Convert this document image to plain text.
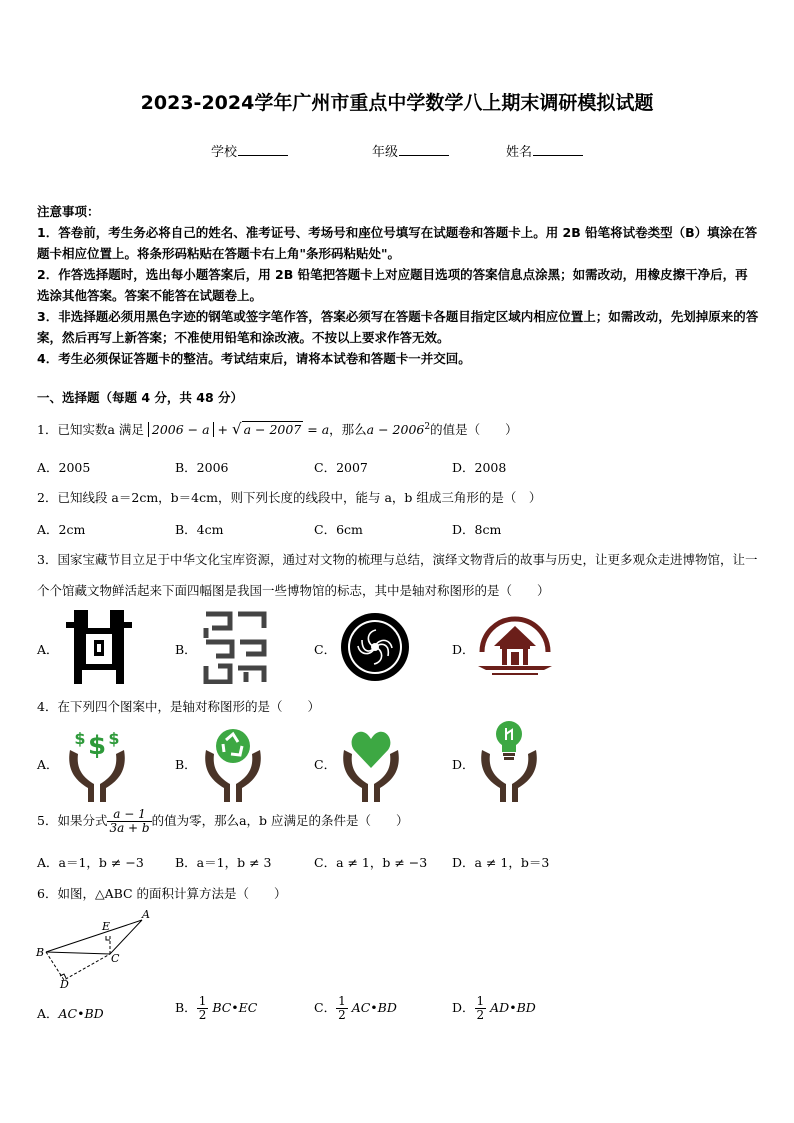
2023-2024学年广州市重点中学数学八上期末调研模拟试题
学校	年级	姓名
注意事项：
1．答卷前，考生务必将自己的姓名、准考证号、考场号和座位号填写在试题卷和答题卡上。用 2B 铅笔将试卷类型（B）填涂在答题卡相应位置上。将条形码粘贴在答题卡右上角"条形码粘贴处"。
2．作答选择题时，选出每小题答案后，用 2B 铅笔把答题卡上对应题目选项的答案信息点涂黑；如需改动，用橡皮擦干净后，再选涂其他答案。答案不能答在试题卷上。
3．非选择题必须用黑色字迹的钢笔或签字笔作答，答案必须写在答题卡各题目指定区域内相应位置上；如需改动，先划掉原来的答案，然后再写上新答案；不准使用铅笔和涂改液。不按以上要求作答无效。
4．考生必须保证答题卡的整洁。考试结束后，请将本试卷和答题卡一并交回。
一、选择题（每题 4 分，共 48 分）
1．已知实数a 满足 2006 − a + √ a − 2007 = a，那么$a - 2006^2$的值是（　　）
A．2005	B．2006	C．2007	D．2008
2．已知线段 a＝2cm，b＝4cm，则下列长度的线段中，能与 a，b 组成三角形的是（　）
A．2cm	B．4cm	C．6cm	D．8cm
3．国家宝藏节目立足于中华文化宝库资源，通过对文物的梳理与总结，演绎文物背后的故事与历史，让更多观众走进博物馆，让一个个馆藏文物鲜活起来下面四幅图是我国一些博物馆的标志，其中是轴对称图形的是（　　）
A．	B．	C．	D．
4．在下列四个图案中，是轴对称图形的是（　　）
A．
$
$ $
B．	C．	D．
5．如果分式 $\frac{a - 1}{3a + b}$ 的值为零，那么a，b 应满足的条件是（　　）
A．a＝1，b ≠ −3 B．a＝1，b ≠ 3	C．a ≠ 1，b ≠ −3 D．a ≠ 1，b＝3
6．如图，△ABC 的面积计算方法是（　　）
A
B	C
D
E
A．AC•BD	B． $\frac{1}{2}$ BC•EC	C． $\frac{1}{2}$ AC•BD	D． $\frac{1}{2}$ AD•BD
